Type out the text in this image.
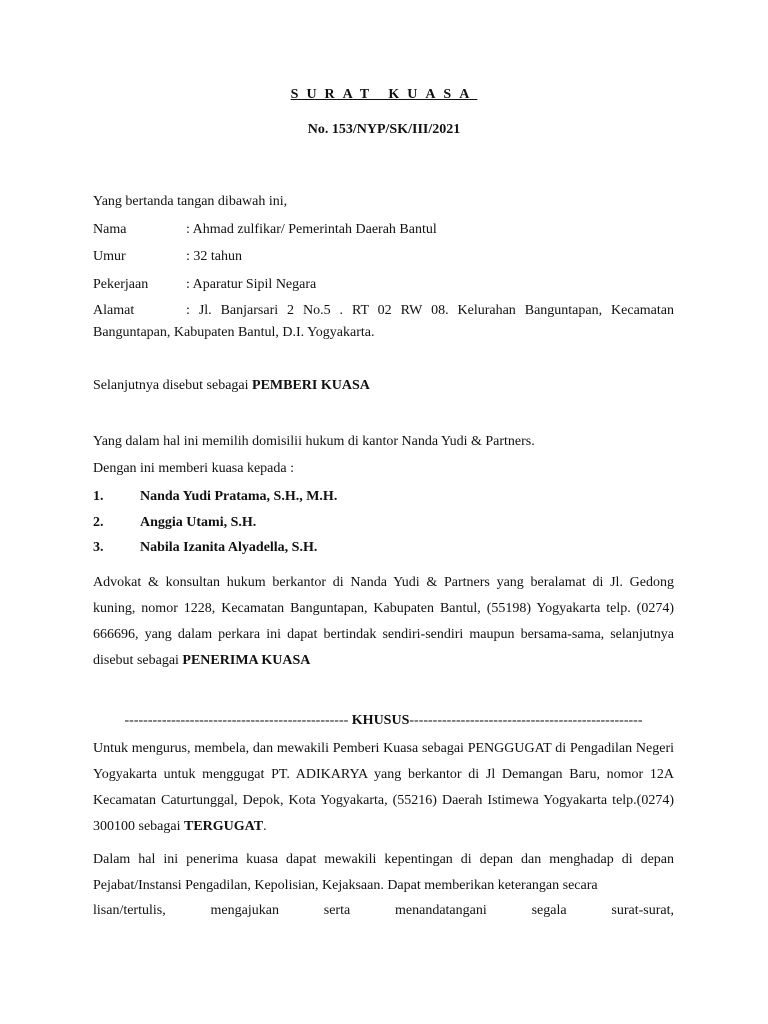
SURAT KUASA
No. 153/NYP/SK/III/2021
Yang bertanda tangan dibawah ini,
Nama	: Ahmad zulfikar/ Pemerintah Daerah Bantul
Umur	: 32 tahun
Pekerjaan	: Aparatur Sipil Negara
Alamat	: Jl. Banjarsari 2 No.5 . RT 02 RW 08. Kelurahan Banguntapan, Kecamatan Banguntapan, Kabupaten Bantul, D.I. Yogyakarta.
Selanjutnya disebut sebagai PEMBERI KUASA
Yang dalam hal ini memilih domisilii hukum di kantor Nanda Yudi & Partners.
Dengan ini memberi kuasa kepada :
1.	Nanda Yudi Pratama, S.H., M.H.
2.	Anggia Utami, S.H.
3.	Nabila Izanita Alyadella, S.H.
Advokat & konsultan hukum berkantor di Nanda Yudi & Partners yang beralamat di Jl. Gedong kuning, nomor 1228, Kecamatan Banguntapan, Kabupaten Bantul, (55198) Yogyakarta telp. (0274) 666696, yang dalam perkara ini dapat bertindak sendiri-sendiri maupun bersama-sama, selanjutnya disebut sebagai PENERIMA KUASA
------------------------------------------------ KHUSUS--------------------------------------------------
Untuk mengurus, membela, dan mewakili Pemberi Kuasa sebagai PENGGUGAT di Pengadilan Negeri Yogyakarta untuk menggugat PT. ADIKARYA yang berkantor di Jl Demangan Baru, nomor 12A Kecamatan Caturtunggal, Depok, Kota Yogyakarta, (55216) Daerah Istimewa Yogyakarta telp.(0274) 300100 sebagai TERGUGAT.
Dalam hal ini penerima kuasa dapat mewakili kepentingan di depan dan menghadap di depan Pejabat/Instansi Pengadilan, Kepolisian, Kejaksaan. Dapat memberikan keterangan secara
lisan/tertulis,	mengajukan	serta	menandatangani	segala	surat-surat,
